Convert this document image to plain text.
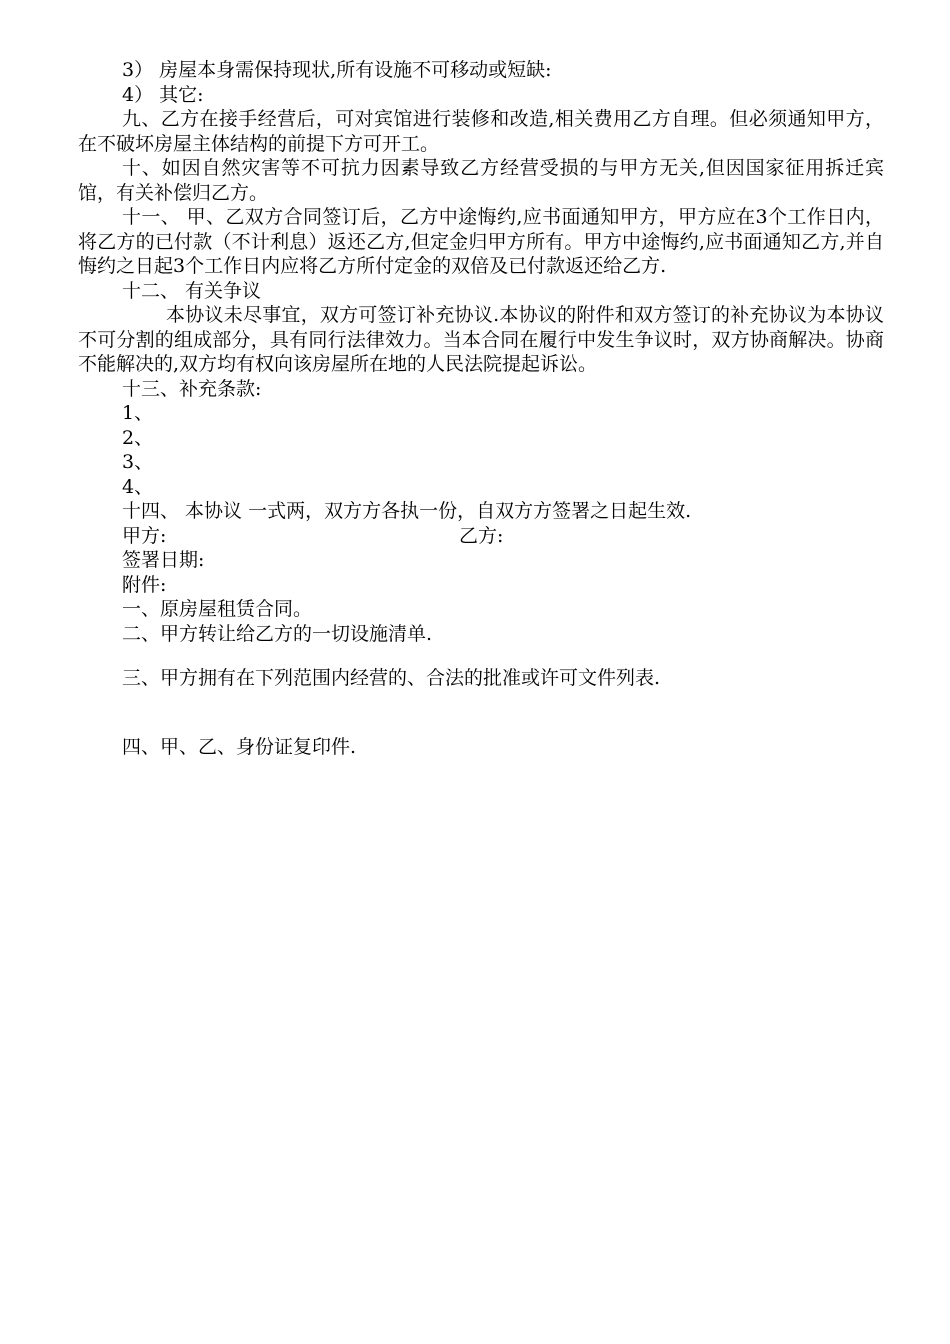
3） 房屋本身需保持现状,所有设施不可移动或短缺:
4） 其它:

九、乙方在接手经营后，可对宾馆进行装修和改造,相关费用乙方自理。但必须通知甲方，在不破坏房屋主体结构的前提下方可开工。

十、如因自然灾害等不可抗力因素导致乙方经营受损的与甲方无关,但因国家征用拆迁宾馆，有关补偿归乙方。

十一、 甲、乙双方合同签订后，乙方中途悔约,应书面通知甲方，甲方应在3个工作日内，将乙方的已付款（不计利息）返还乙方,但定金归甲方所有。甲方中途悔约,应书面通知乙方,并自悔约之日起3个工作日内应将乙方所付定金的双倍及已付款返还给乙方.

十二、 有关争议

本协议未尽事宜，双方可签订补充协议.本协议的附件和双方签订的补充协议为本协议不可分割的组成部分，具有同行法律效力。当本合同在履行中发生争议时，双方协商解决。协商不能解决的,双方均有权向该房屋所在地的人民法院提起诉讼。

十三、补充条款:
1、
2、
3、
4、
十四、 本协议 一式两，双方方各执一份，自双方方签署之日起生效.
甲方:	乙方:
签署日期:
附件:
一、原房屋租赁合同。
二、甲方转让给乙方的一切设施清单.
三、甲方拥有在下列范围内经营的、合法的批准或许可文件列表.
四、甲、乙、身份证复印件.
